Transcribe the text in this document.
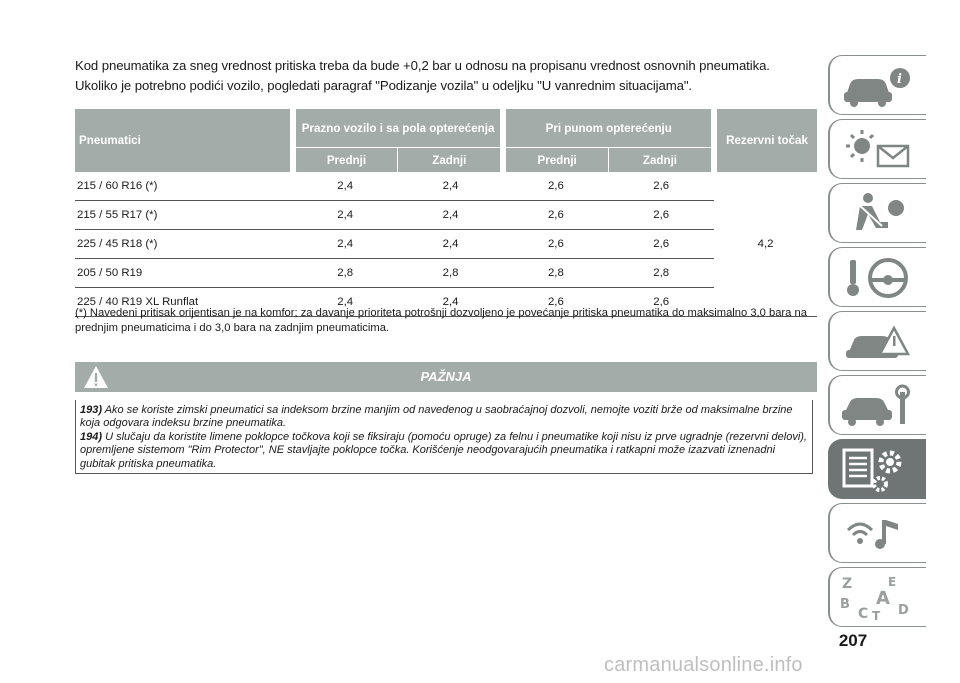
Kod pneumatika za sneg vrednost pritiska treba da bude +0,2 bar u odnosu na propisanu vrednost osnovnih pneumatika.

Ukoliko je potrebno podići vozilo, pogledati paragraf "Podizanje vozila" u odeljku "U vanrednim situacijama".

Pneumatici	Prazno vozilo i sa pola opterećenja		Pri punom opterećenju		Rezervni točak
	Prednji	Zadnji	Prednji	Zadnji	
215 / 60 R16 (*)	2,4	2,4	2,6	2,6	4,2
215 / 55 R17 (*)	2,4	2,4	2,6	2,6	
225 / 45 R18 (*)	2,4	2,4	2,6	2,6	
205 / 50 R19	2,8	2,8	2,8	2,8	
225 / 40 R19 XL Runflat	2,4	2,4	2,6	2,6	
(*) Navedeni pritisak orijentisan je na komfor; za davanje prioriteta potrošnji dozvoljeno je povećanje pritiska pneumatika do maksimalno 3,0 bara na prednjim pneumaticima i do 3,0 bara na zadnjim pneumaticima.
PAŽNJA

193) Ako se koriste zimski pneumatici sa indeksom brzine manjim od navedenog u saobraćajnoj dozvoli, nemojte voziti brže od maksimalne brzine koja odgovara indeksu brzine pneumatika.

194) U slučaju da koristite limene poklopce točkova koji se fiksiraju (pomoću opruge) za felnu i pneumatike koji nisu iz prve ugradnje (rezervni delovi), opremljene sistemom "Rim Protector", NE stavljajte poklopce točka. Korišćenje neodgovarajućih pneumatika i ratkapni može izazvati iznenadni gubitak pritiska pneumatika.

i
Z	E
B A
C T D
207
carmanualsonline.info
